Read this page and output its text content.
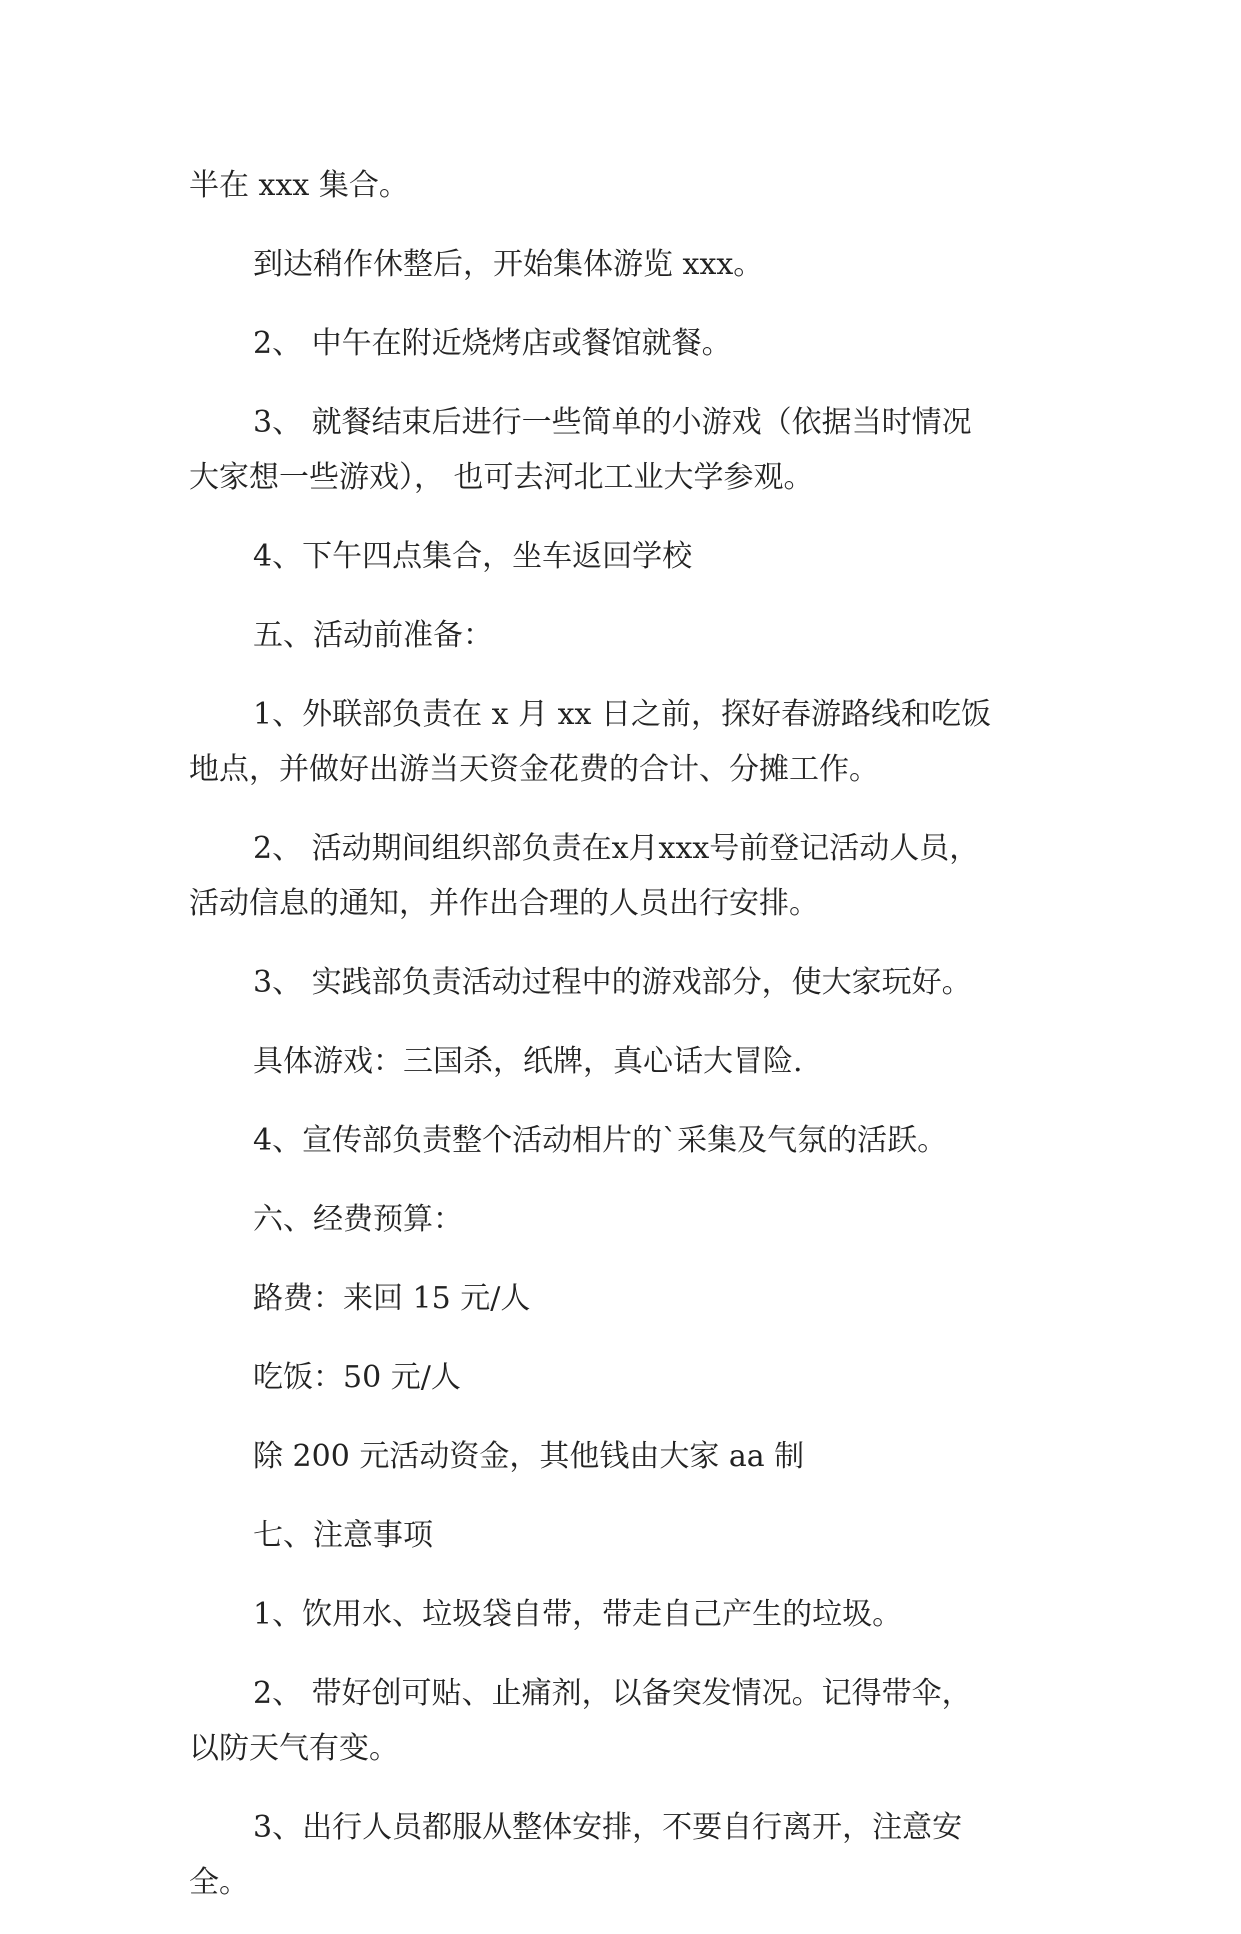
半在 xxx 集合。

到达稍作休整后，开始集体游览 xxx。

2、 中午在附近烧烤店或餐馆就餐。

3、 就餐结束后进行一些简单的小游戏（依据当时情况
大家想一些游戏）， 也可去河北工业大学参观。

4、下午四点集合，坐车返回学校

五、活动前准备：

1、外联部负责在 x 月 xx 日之前，探好春游路线和吃饭
地点，并做好出游当天资金花费的合计、分摊工作。

2、 活动期间组织部负责在x月xxx号前登记活动人员，
活动信息的通知，并作出合理的人员出行安排。

3、 实践部负责活动过程中的游戏部分，使大家玩好。

具体游戏：三国杀，纸牌，真心话大冒险.

4、宣传部负责整个活动相片的`采集及气氛的活跃。

六、经费预算：

路费：来回 15 元/人

吃饭：50 元/人

除 200 元活动资金，其他钱由大家 aa 制

七、注意事项

1、饮用水、垃圾袋自带，带走自己产生的垃圾。

2、 带好创可贴、止痛剂，以备突发情况。记得带伞，
以防天气有变。

3、出行人员都服从整体安排，不要自行离开，注意安
全。
